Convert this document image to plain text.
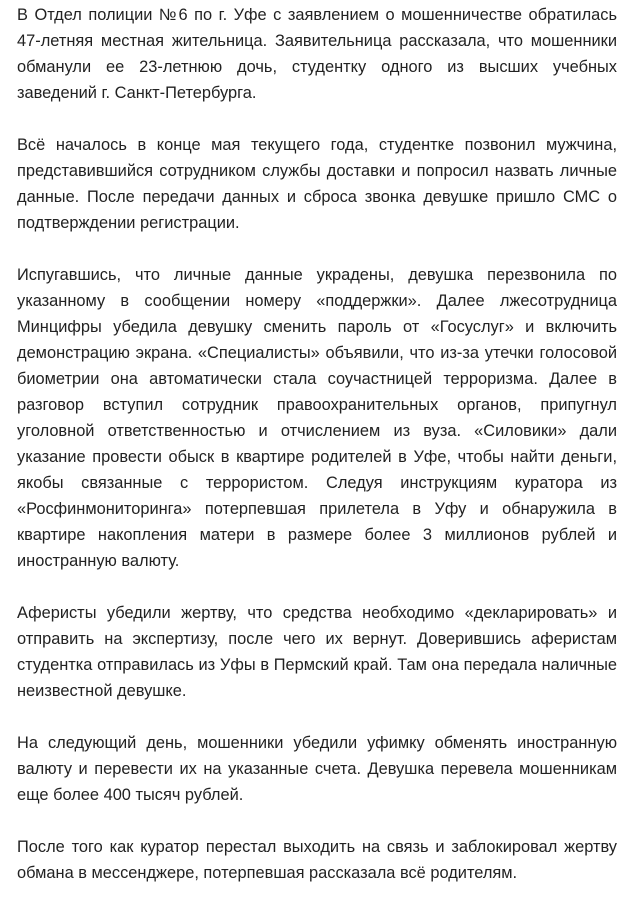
В Отдел полиции №6 по г. Уфе с заявлением о мошенничестве обратилась 47-летняя местная жительница. Заявительница рассказала, что мошенники обманули ее 23-летнюю дочь, студентку одного из высших учебных заведений г. Санкт-Петербурга.

Всё началось в конце мая текущего года, студентке позвонил мужчина, представившийся сотрудником службы доставки и попросил назвать личные данные. После передачи данных и сброса звонка девушке пришло СМС о подтверждении регистрации.

Испугавшись, что личные данные украдены, девушка перезвонила по указанному в сообщении номеру «поддержки». Далее лжесотрудница Минцифры убедила девушку сменить пароль от «Госуслуг» и включить демонстрацию экрана. «Специалисты» объявили, что из-за утечки голосовой биометрии она автоматически стала соучастницей терроризма. Далее в разговор вступил сотрудник правоохранительных органов, припугнул уголовной ответственностью и отчислением из вуза. «Силовики» дали указание провести обыск в квартире родителей в Уфе, чтобы найти деньги, якобы связанные с террористом. Следуя инструкциям куратора из «Росфинмониторинга» потерпевшая прилетела в Уфу и обнаружила в квартире накопления матери в размере более 3 миллионов рублей и иностранную валюту.

Аферисты убедили жертву, что средства необходимо «декларировать» и отправить на экспертизу, после чего их вернут. Доверившись аферистам студентка отправилась из Уфы в Пермский край. Там она передала наличные неизвестной девушке.

На следующий день, мошенники убедили уфимку обменять иностранную валюту и перевести их на указанные счета. Девушка перевела мошенникам еще более 400 тысяч рублей.

После того как куратор перестал выходить на связь и заблокировал жертву обмана в мессенджере, потерпевшая рассказала всё родителям.
